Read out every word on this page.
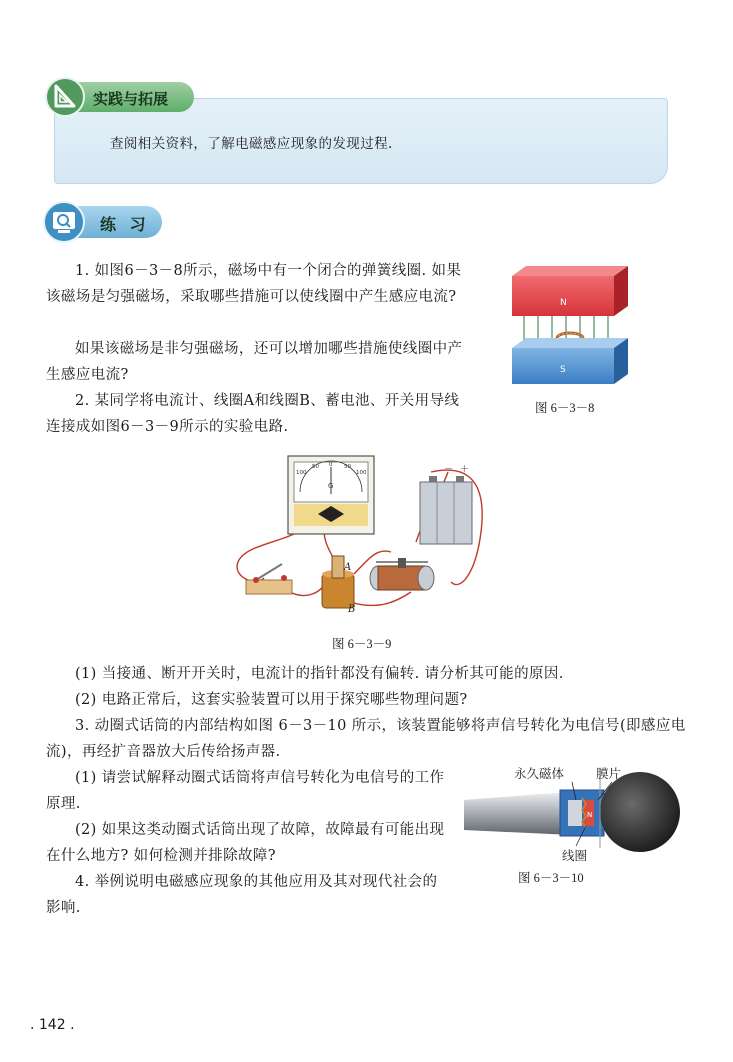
实践与拓展

查阅相关资料，了解电磁感应现象的发现过程.

练 习

1. 如图6－3－8所示，磁场中有一个闭合的弹簧线圈. 如果该磁场是匀强磁场，采取哪些措施可以使线圈中产生感应电流?

如果该磁场是非匀强磁场，还可以增加哪些措施使线圈中产生感应电流?

N
S
图 6－3－8

2. 某同学将电流计、线圈A和线圈B、蓄电池、开关用导线连接成如图6－3－9所示的实验电路.

100
50 0 50
100
G
－ ＋
A
B
图 6－3－9

(1) 当接通、断开开关时，电流计的指针都没有偏转. 请分析其可能的原因.

(2) 电路正常后，这套实验装置可以用于探究哪些物理问题?

3. 动圈式话筒的内部结构如图 6－3－10 所示，该装置能够将声信号转化为电信号(即感应电流)，再经扩音器放大后传给扬声器.

(1) 请尝试解释动圈式话筒将声信号转化为电信号的工作原理.

(2) 如果这类动圈式话筒出现了故障，故障最有可能出现在什么地方? 如何检测并排除故障?

N
永久磁体	膜片
线圈
图 6－3－10

4. 举例说明电磁感应现象的其他应用及其对现代社会的影响.

. 142 .
